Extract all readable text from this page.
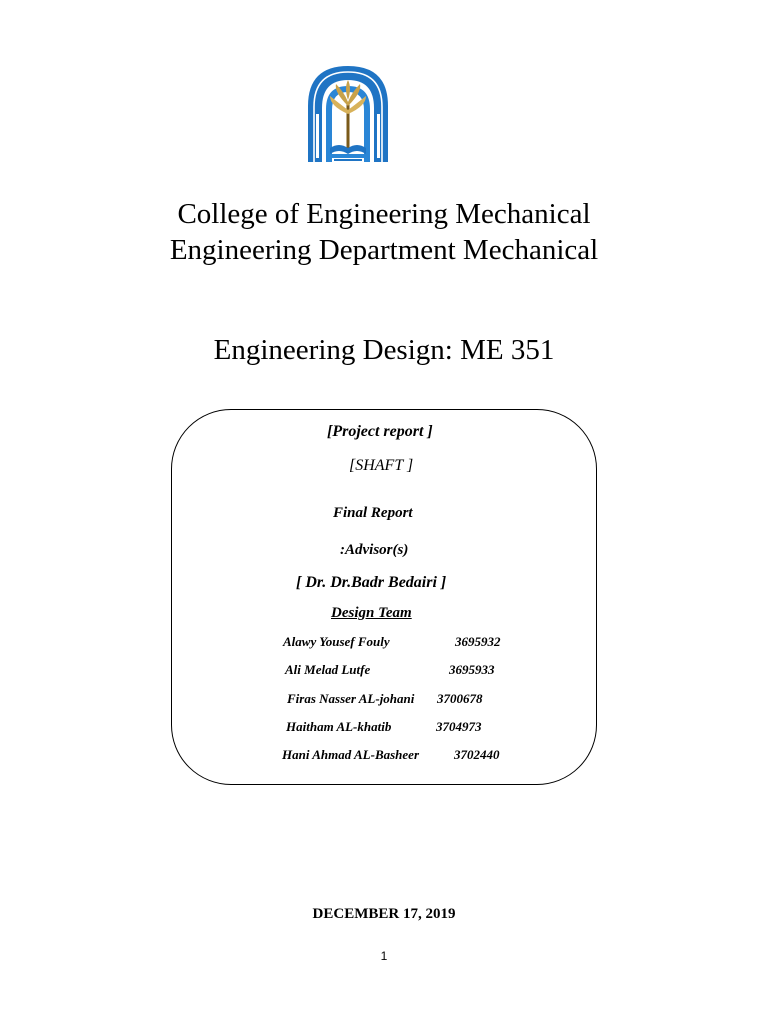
College of Engineering Mechanical
Engineering Department Mechanical
Engineering Design: ME 351
[Project report ]
[SHAFT ]
Final Report
:Advisor(s)
[ Dr. Dr.Badr Bedairi ]
Design Team
Alawy Yousef Fouly	3695932
Ali Melad Lutfe	3695933
Firas Nasser AL-johani 3700678
Haitham AL-khatib	3704973
Hani Ahmad AL-Basheer	3702440
DECEMBER 17, 2019
1
